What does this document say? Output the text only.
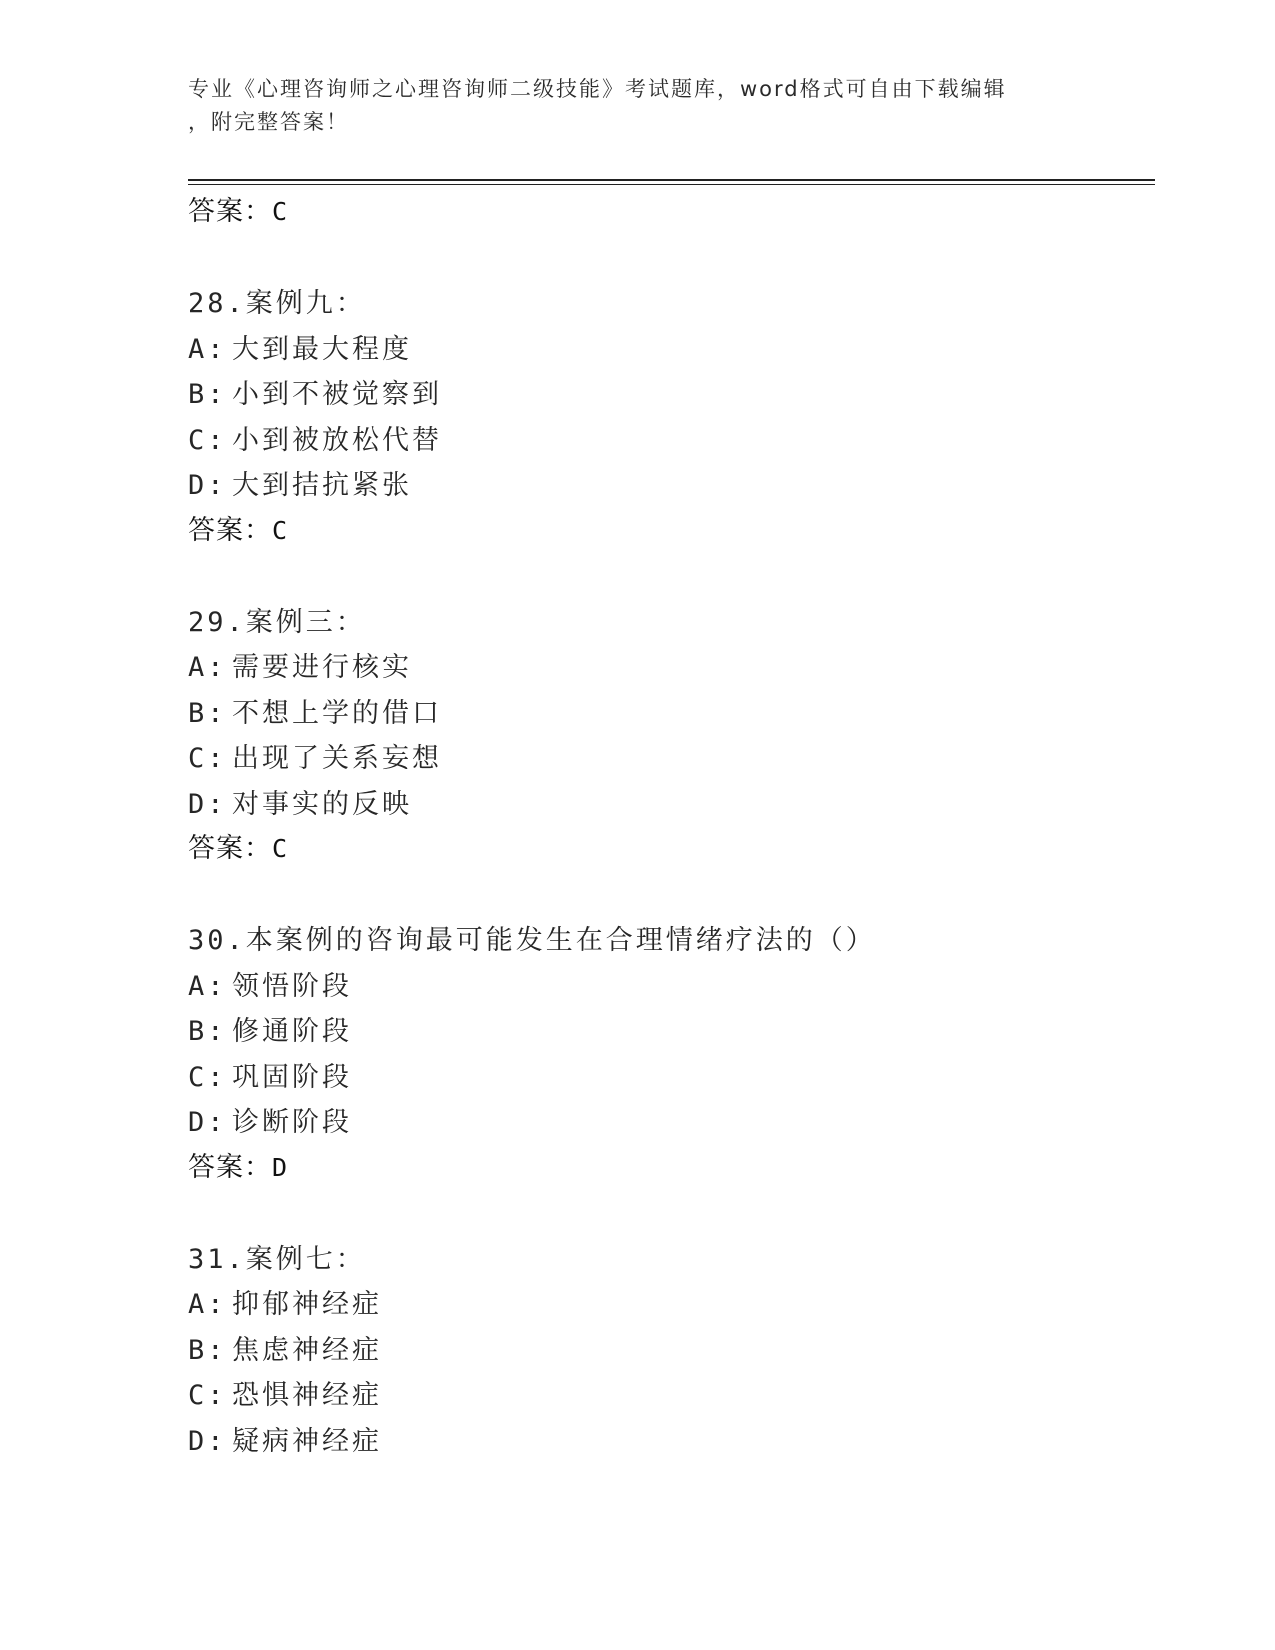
专业《心理咨询师之心理咨询师二级技能》考试题库，word格式可自由下载编辑
，附完整答案！
答案：C
28.案例九：
A: 大到最大程度
B: 小到不被觉察到
C: 小到被放松代替
D: 大到拮抗紧张
答案：C
29.案例三：
A: 需要进行核实
B: 不想上学的借口
C: 出现了关系妄想
D: 对事实的反映
答案：C
30.本案例的咨询最可能发生在合理情绪疗法的（）
A: 领悟阶段
B: 修通阶段
C: 巩固阶段
D: 诊断阶段
答案：D
31.案例七：
A: 抑郁神经症
B: 焦虑神经症
C: 恐惧神经症
D: 疑病神经症
